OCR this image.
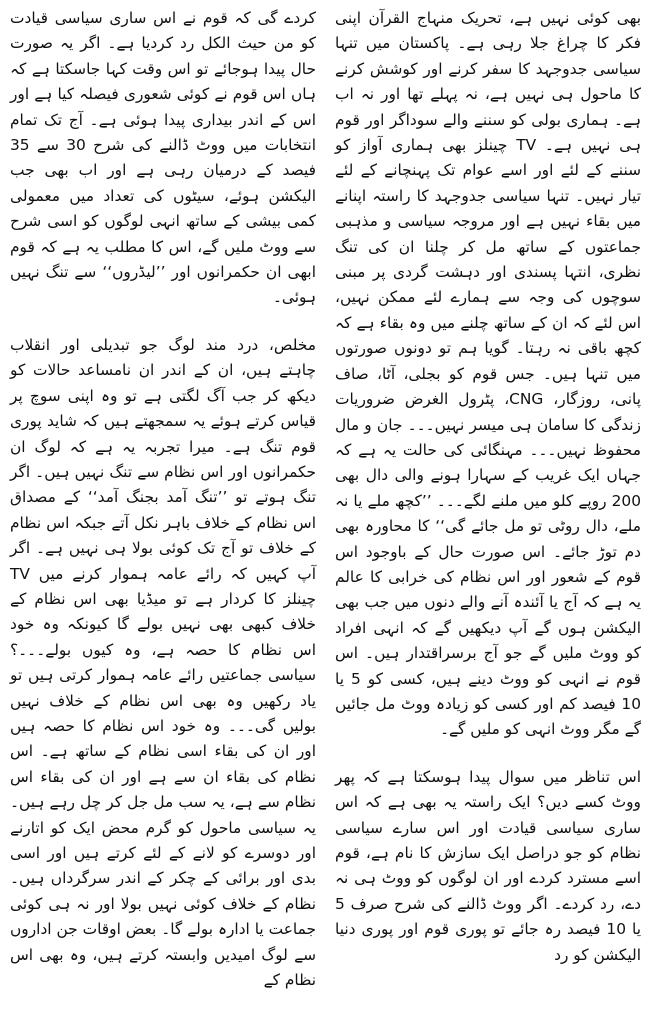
بھی کوئی نہیں ہے، تحریک منہاج القرآن اپنی فکر کا چراغ جلا رہی ہے۔ پاکستان میں تنہا سیاسی جدوجہد کا سفر کرنے اور کوشش کرنے کا ماحول ہی نہیں ہے، نہ پہلے تھا اور نہ اب ہے۔ ہماری بولی کو سننے والے سوداگر اور قوم ہی نہیں ہے۔ TV چینلز بھی ہماری آواز کو سننے کے لئے اور اسے عوام تک پہنچانے کے لئے تیار نہیں۔ تنہا سیاسی جدوجہد کا راستہ اپنانے میں بقاء نہیں ہے اور مروجہ سیاسی و مذہبی جماعتوں کے ساتھ مل کر چلنا ان کی تنگ نظری، انتہا پسندی اور دہشت گردی پر مبنی سوچوں کی وجہ سے ہمارے لئے ممکن نہیں، اس لئے کہ ان کے ساتھ چلنے میں وہ بقاء ہے کہ کچھ باقی نہ رہتا۔ گویا ہم تو دونوں صورتوں میں تنہا ہیں۔ جس قوم کو بجلی، آٹا، صاف پانی، روزگار، CNG، پٹرول الغرض ضروریات زندگی کا سامان ہی میسر نہیں۔۔۔ جان و مال محفوظ نہیں۔۔۔ مہنگائی کی حالت یہ ہے کہ جہاں ایک غریب کے سہارا ہونے والی دال بھی 200 روپے کلو میں ملنے لگے۔۔۔ ’’کچھ ملے یا نہ ملے، دال روٹی تو مل جائے گی‘‘ کا محاورہ بھی دم توڑ جائے۔ اس صورت حال کے باوجود اس قوم کے شعور اور اس نظام کی خرابی کا عالم یہ ہے کہ آج یا آئندہ آنے والے دنوں میں جب بھی الیکشن ہوں گے آپ دیکھیں گے کہ انہی افراد کو ووٹ ملیں گے جو آج برسراقتدار ہیں۔ اس قوم نے انہی کو ووٹ دینے ہیں، کسی کو 5 یا 10 فیصد کم اور کسی کو زیادہ ووٹ مل جائیں گے مگر ووٹ انہی کو ملیں گے۔

اس تناظر میں سوال پیدا ہوسکتا ہے کہ پھر ووٹ کسے دیں؟ ایک راستہ یہ بھی ہے کہ اس ساری سیاسی قیادت اور اس سارے سیاسی نظام کو جو دراصل ایک سازش کا نام ہے، قوم اسے مسترد کردے اور ان لوگوں کو ووٹ ہی نہ دے، رد کردے۔ اگر ووٹ ڈالنے کی شرح صرف 5 یا 10 فیصد رہ جائے تو پوری قوم اور پوری دنیا الیکشن کو رد

کردے گی کہ قوم نے اس ساری سیاسی قیادت کو من حیث الکل رد کردیا ہے۔ اگر یہ صورت حال پیدا ہوجائے تو اس وقت کہا جاسکتا ہے کہ ہاں اس قوم نے کوئی شعوری فیصلہ کیا ہے اور اس کے اندر بیداری پیدا ہوئی ہے۔ آج تک تمام انتخابات میں ووٹ ڈالنے کی شرح 30 سے 35 فیصد کے درمیان رہی ہے اور اب بھی جب الیکشن ہوئے، سیٹوں کی تعداد میں معمولی کمی بیشی کے ساتھ انہی لوگوں کو اسی شرح سے ووٹ ملیں گے، اس کا مطلب یہ ہے کہ قوم ابھی ان حکمرانوں اور ’’لیڈروں‘‘ سے تنگ نہیں ہوئی۔

مخلص، درد مند لوگ جو تبدیلی اور انقلاب چاہتے ہیں، ان کے اندر ان نامساعد حالات کو دیکھ کر جب آگ لگتی ہے تو وہ اپنی سوچ پر قیاس کرتے ہوئے یہ سمجھتے ہیں کہ شاید پوری قوم تنگ ہے۔ میرا تجربہ یہ ہے کہ لوگ ان حکمرانوں اور اس نظام سے تنگ نہیں ہیں۔ اگر تنگ ہوتے تو ’’تنگ آمد بجنگ آمد‘‘ کے مصداق اس نظام کے خلاف باہر نکل آتے جبکہ اس نظام کے خلاف تو آج تک کوئی بولا ہی نہیں ہے۔ اگر آپ کہیں کہ رائے عامہ ہموار کرنے میں TV چینلز کا کردار ہے تو میڈیا بھی اس نظام کے خلاف کبھی بھی نہیں بولے گا کیونکہ وہ خود اس نظام کا حصہ ہے، وہ کیوں بولے۔۔۔؟ سیاسی جماعتیں رائے عامہ ہموار کرتی ہیں تو یاد رکھیں وہ بھی اس نظام کے خلاف نہیں بولیں گی۔۔۔ وہ خود اس نظام کا حصہ ہیں اور ان کی بقاء اسی نظام کے ساتھ ہے۔ اس نظام کی بقاء ان سے ہے اور ان کی بقاء اس نظام سے ہے، یہ سب مل جل کر چل رہے ہیں۔ یہ سیاسی ماحول کو گرم محض ایک کو اتارنے اور دوسرے کو لانے کے لئے کرتے ہیں اور اسی بدی اور برائی کے چکر کے اندر سرگرداں ہیں۔ نظام کے خلاف کوئی نہیں بولا اور نہ ہی کوئی جماعت یا ادارہ بولے گا۔ بعض اوقات جن اداروں سے لوگ امیدیں وابستہ کرتے ہیں، وہ بھی اس نظام کے
